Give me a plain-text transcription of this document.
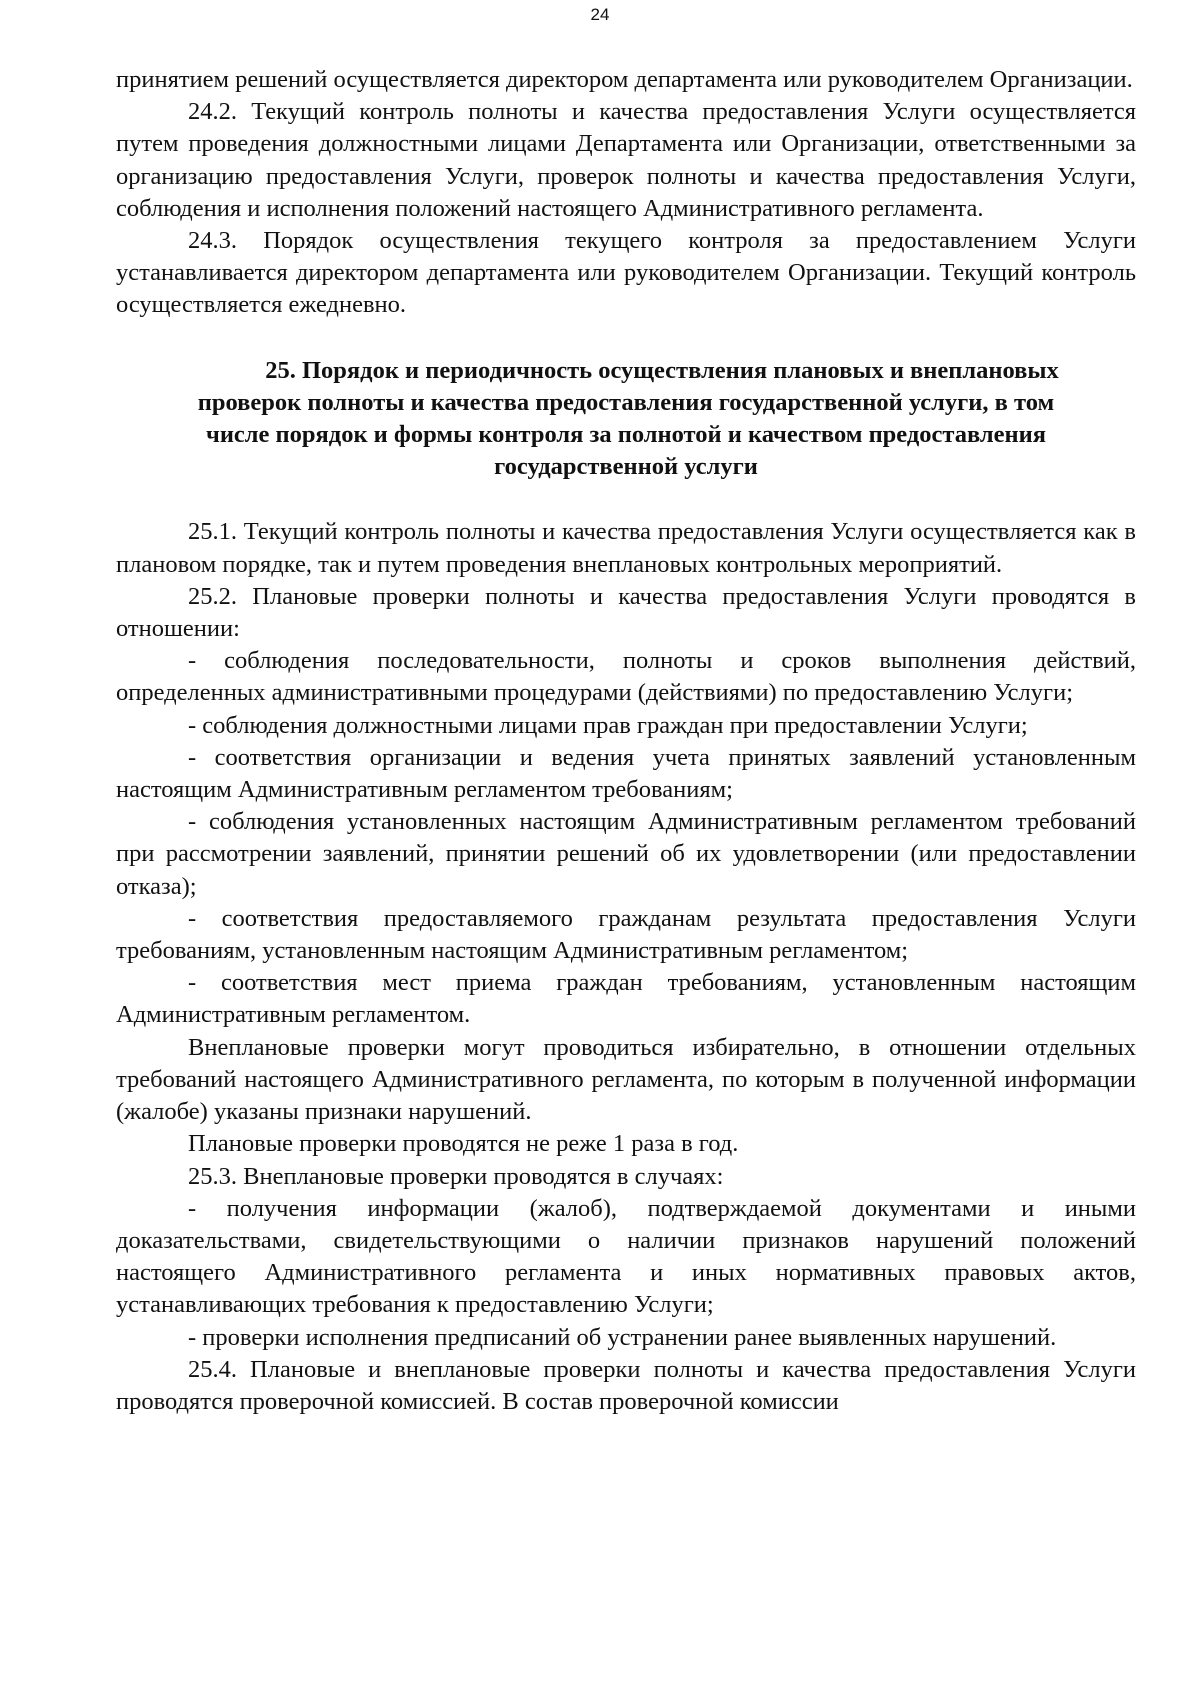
24

принятием решений осуществляется директором департамента или руководителем Организации.

24.2. Текущий контроль полноты и качества предоставления Услуги осуществляется путем проведения должностными лицами Департамента или Организации, ответственными за организацию предоставления Услуги, проверок полноты и качества предоставления Услуги, соблюдения и исполнения положений настоящего Административного регламента.

24.3. Порядок осуществления текущего контроля за предоставлением Услуги устанавливается директором департамента или руководителем Организации. Текущий контроль осуществляется ежедневно.

25. Порядок и периодичность осуществления плановых и внеплановых
проверок полноты и качества предоставления государственной услуги, в том
числе порядок и формы контроля за полнотой и качеством предоставления
государственной услуги

25.1. Текущий контроль полноты и качества предоставления Услуги осуществляется как в плановом порядке, так и путем проведения внеплановых контрольных мероприятий.

25.2. Плановые проверки полноты и качества предоставления Услуги проводятся в отношении:

- соблюдения последовательности, полноты и сроков выполнения действий, определенных административными процедурами (действиями) по предоставлению Услуги;

- соблюдения должностными лицами прав граждан при предоставлении Услуги;

- соответствия организации и ведения учета принятых заявлений установленным настоящим Административным регламентом требованиям;

- соблюдения установленных настоящим Административным регламентом требований при рассмотрении заявлений, принятии решений об их удовлетворении (или предоставлении отказа);

- соответствия предоставляемого гражданам результата предоставления Услуги требованиям, установленным настоящим Административным регламентом;

- соответствия мест приема граждан требованиям, установленным настоящим Административным регламентом.

Внеплановые проверки могут проводиться избирательно, в отношении отдельных требований настоящего Административного регламента, по которым в полученной информации (жалобе) указаны признаки нарушений.

Плановые проверки проводятся не реже 1 раза в год.

25.3. Внеплановые проверки проводятся в случаях:

- получения информации (жалоб), подтверждаемой документами и иными доказательствами, свидетельствующими о наличии признаков нарушений положений настоящего Административного регламента и иных нормативных правовых актов, устанавливающих требования к предоставлению Услуги;

- проверки исполнения предписаний об устранении ранее выявленных нарушений.

25.4. Плановые и внеплановые проверки полноты и качества предоставления Услуги проводятся проверочной комиссией. В состав проверочной комиссии
